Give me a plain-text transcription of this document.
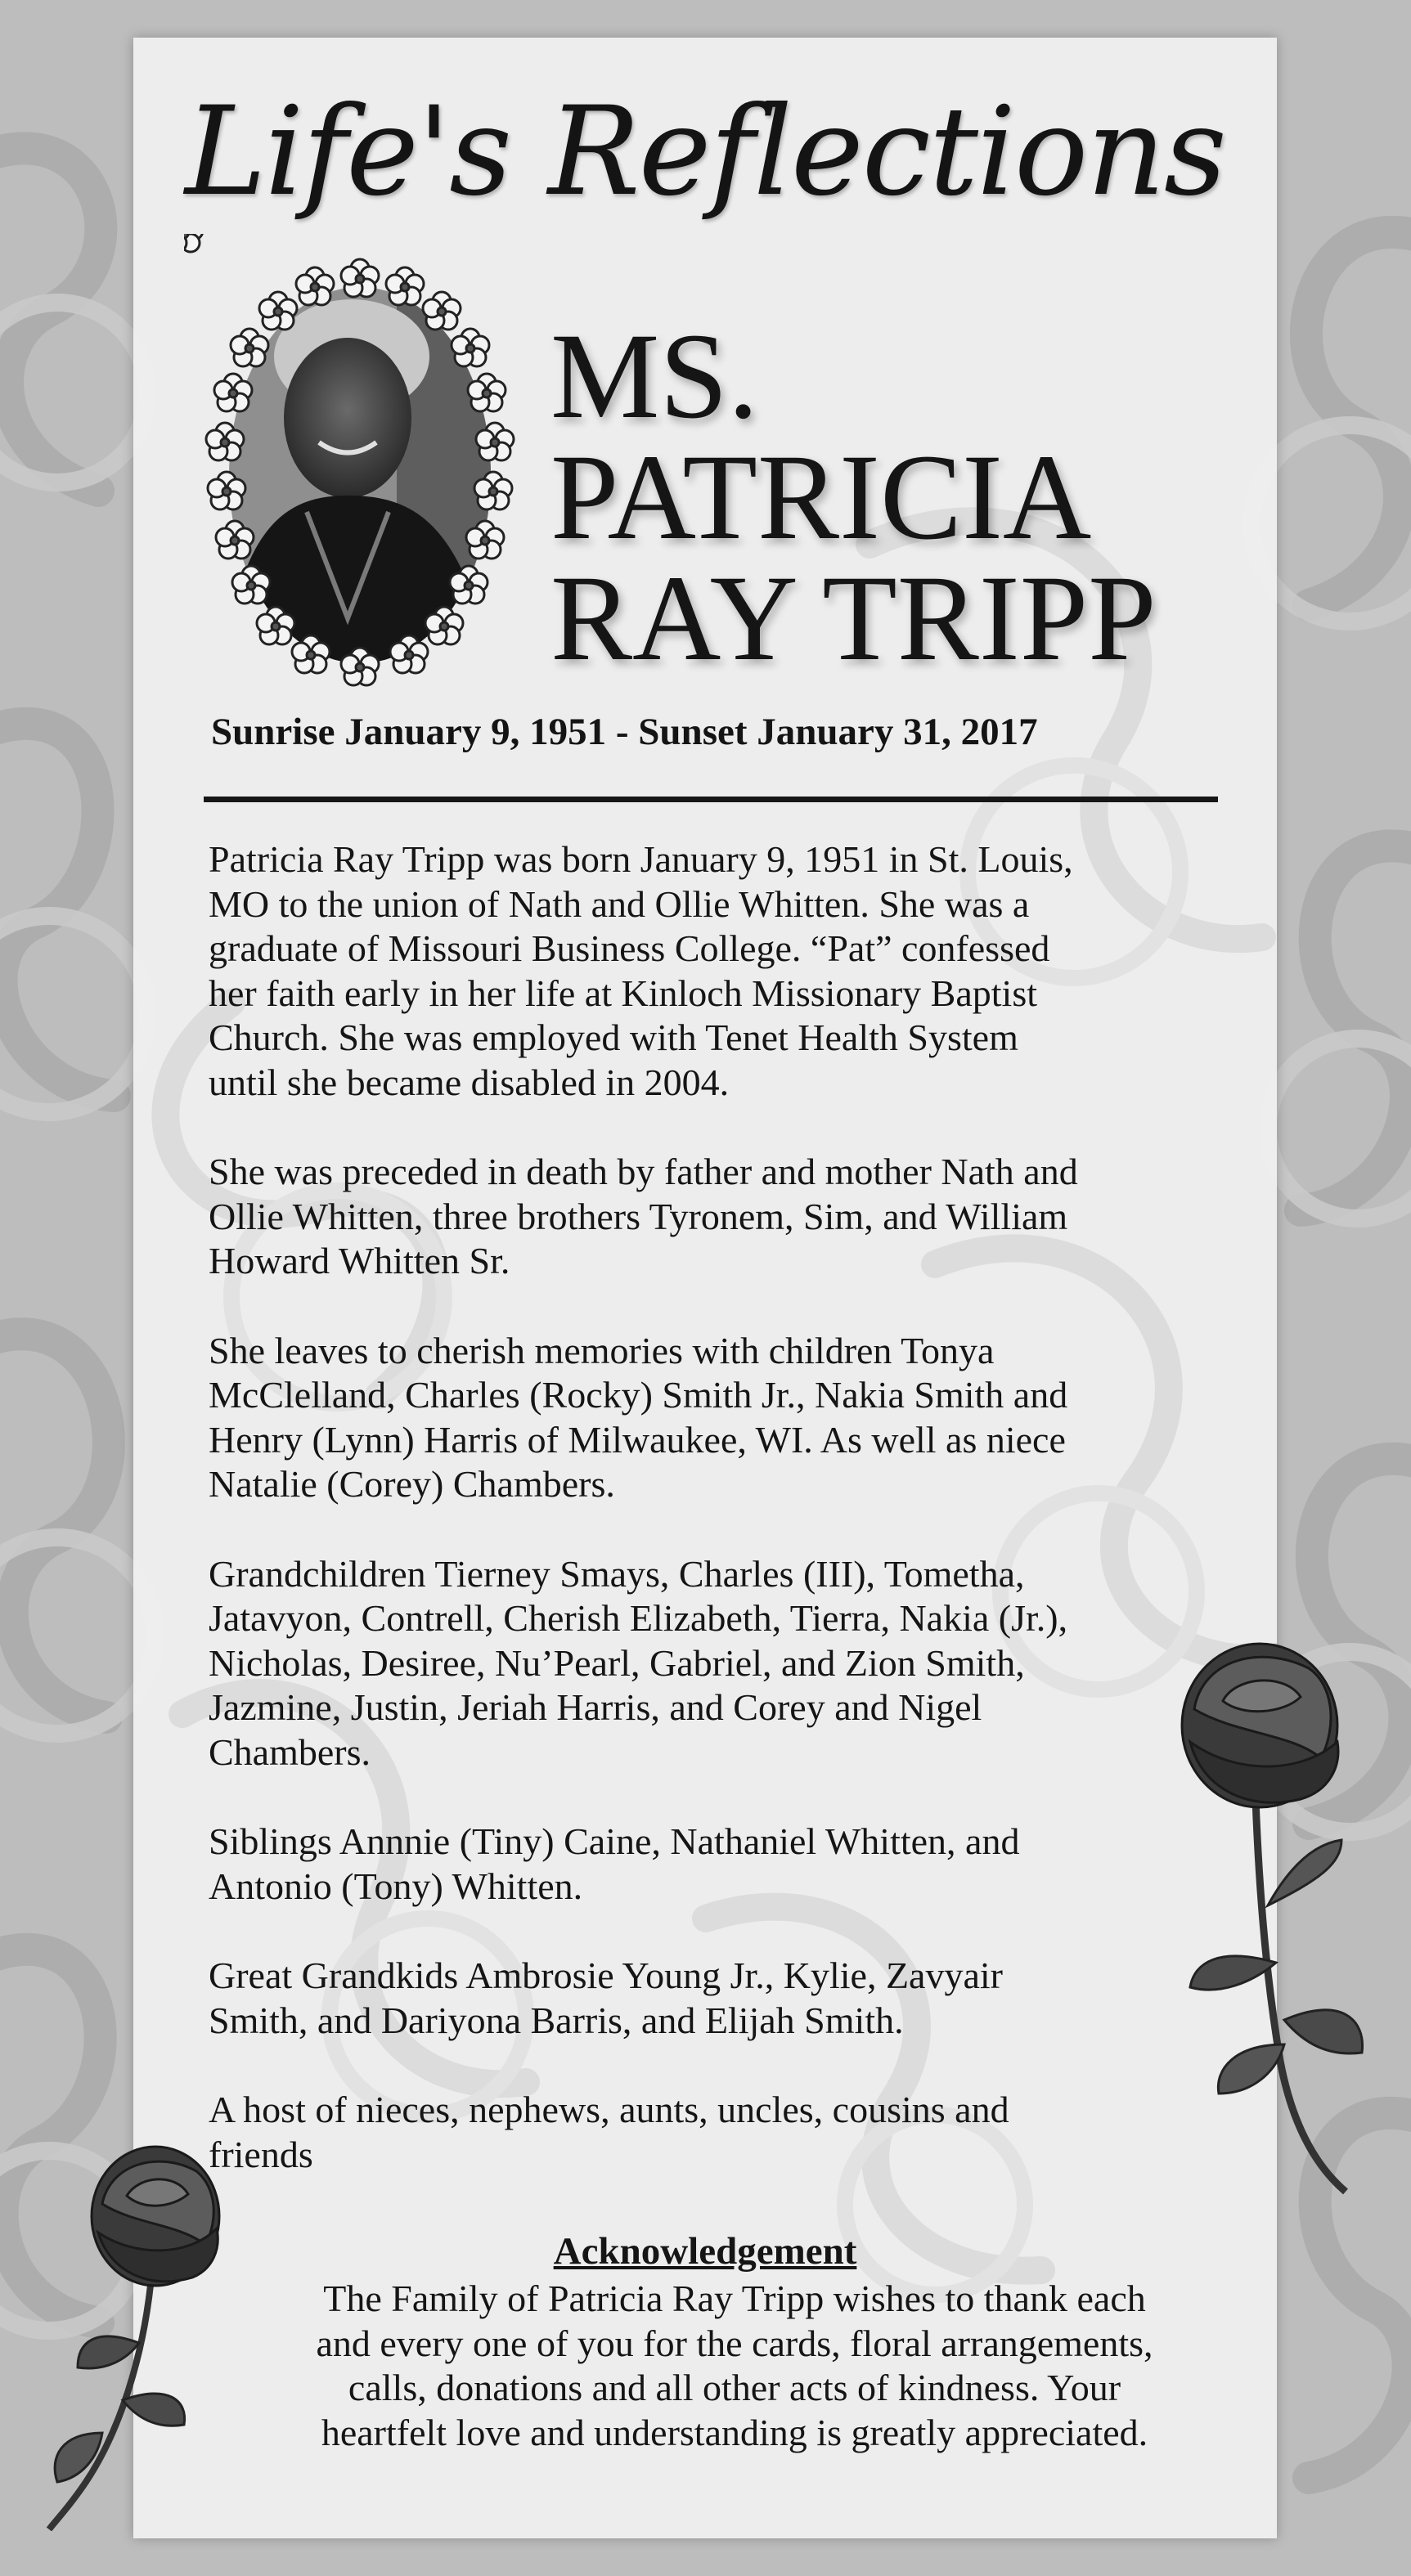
Life's Reflections
MS.
PATRICIA
RAY TRIPP
Sunrise January 9, 1951 - Sunset January 31, 2017

Patricia Ray Tripp was born January 9, 1951 in St. Louis,
MO to the union of Nath and Ollie Whitten. She was a
graduate of Missouri Business College. “Pat” confessed
her faith early in her life at Kinloch Missionary Baptist
Church. She was employed with Tenet Health System
until she became disabled in 2004.

She was preceded in death by father and mother Nath and
Ollie Whitten, three brothers Tyronem, Sim, and William
Howard Whitten Sr.

She leaves to cherish memories with children Tonya
McClelland, Charles (Rocky) Smith Jr., Nakia Smith and
Henry (Lynn) Harris of Milwaukee, WI. As well as niece
Natalie (Corey) Chambers.

Grandchildren Tierney Smays, Charles (III), Tometha,
Jatavyon, Contrell, Cherish Elizabeth, Tierra, Nakia (Jr.),
Nicholas, Desiree, Nu’Pearl, Gabriel, and Zion Smith,
Jazmine, Justin, Jeriah Harris, and Corey and Nigel
Chambers.

Siblings Annnie (Tiny) Caine, Nathaniel Whitten, and
Antonio (Tony) Whitten.

Great Grandkids Ambrosie Young Jr., Kylie, Zavyair
Smith, and Dariyona Barris, and Elijah Smith.

A host of nieces, nephews, aunts, uncles, cousins and
friends

Acknowledgement
The Family of Patricia Ray Tripp wishes to thank each
and every one of you for the cards, floral arrangements,
calls, donations and all other acts of kindness. Your
heartfelt love and understanding is greatly appreciated.
